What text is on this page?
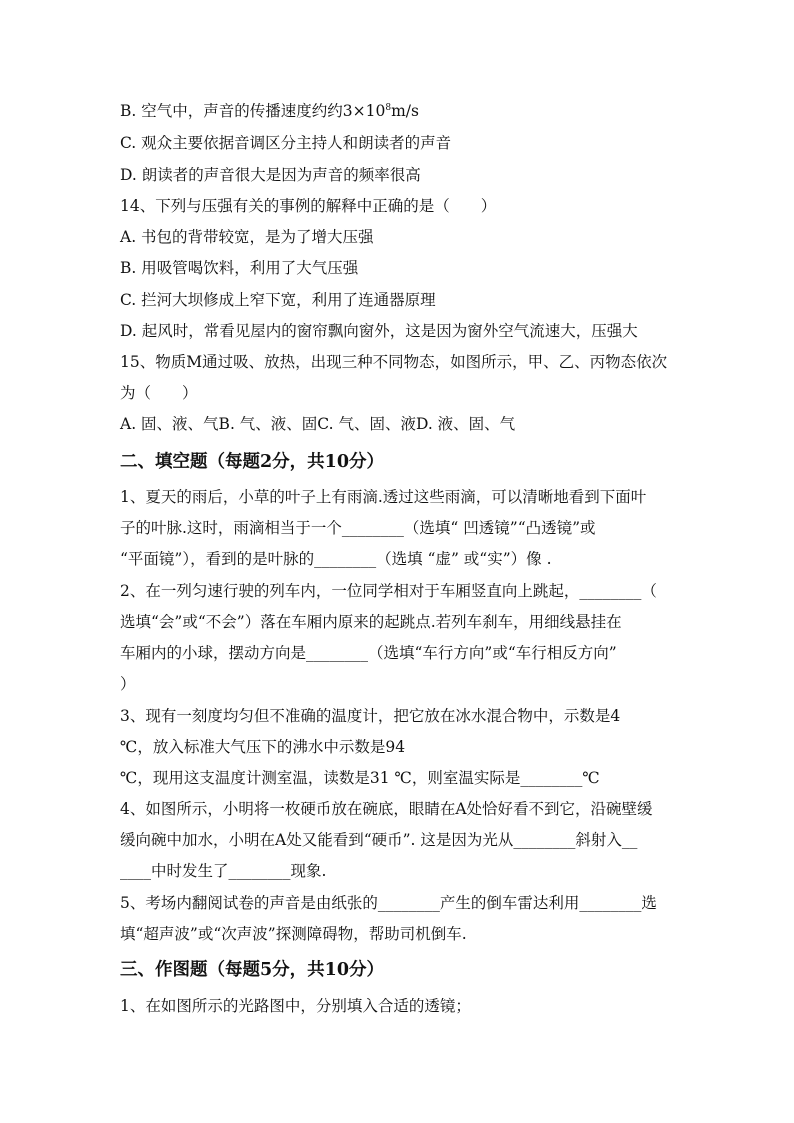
B. 空气中，声音的传播速度约约$3\times 10^8m/s$
C. 观众主要依据音调区分主持人和朗读者的声音
D. 朗读者的声音很大是因为声音的频率很高
14、下列与压强有关的事例的解释中正确的是（　　）
A. 书包的背带较宽，是为了增大压强
B. 用吸管喝饮料，利用了大气压强
C. 拦河大坝修成上窄下宽，利用了连通器原理
D. 起风时，常看见屋内的窗帘飘向窗外，这是因为窗外空气流速大，压强大
15、物质M通过吸、放热，出现三种不同物态，如图所示，甲、乙、丙物态依次
为（　　）
A. 固、液、气B. 气、液、固C. 气、固、液D. 液、固、气
二、填空题（每题2分，共10分）
1、夏天的雨后，小草的叶子上有雨滴.透过这些雨滴，可以清晰地看到下面叶
子的叶脉.这时，雨滴相当于一个________（选填“ 凹透镜”“凸透镜”或
“平面镜”），看到的是叶脉的________（选填 “虚” 或“实”）像 .
2、在一列匀速行驶的列车内，一位同学相对于车厢竖直向上跳起，________（
选填“会”或“不会”）落在车厢内原来的起跳点.若列车刹车，用细线悬挂在
车厢内的小球，摆动方向是________（选填“车行方向”或“车行相反方向”
）
3、现有一刻度均匀但不准确的温度计，把它放在冰水混合物中，示数是4
℃，放入标准大气压下的沸水中示数是94
℃，现用这支温度计测室温，读数是31 ℃，则室温实际是________℃
4、如图所示，小明将一枚硬币放在碗底，眼睛在A处恰好看不到它，沿碗壁缓
缓向碗中加水，小明在A处又能看到“硬币”. 这是因为光从________斜射入__
____中时发生了________现象.
5、考场内翻阅试卷的声音是由纸张的________产生的倒车雷达利用________选
填“超声波”或“次声波”探测障碍物，帮助司机倒车.
三、作图题（每题5分，共10分）
1、在如图所示的光路图中，分别填入合适的透镜；
